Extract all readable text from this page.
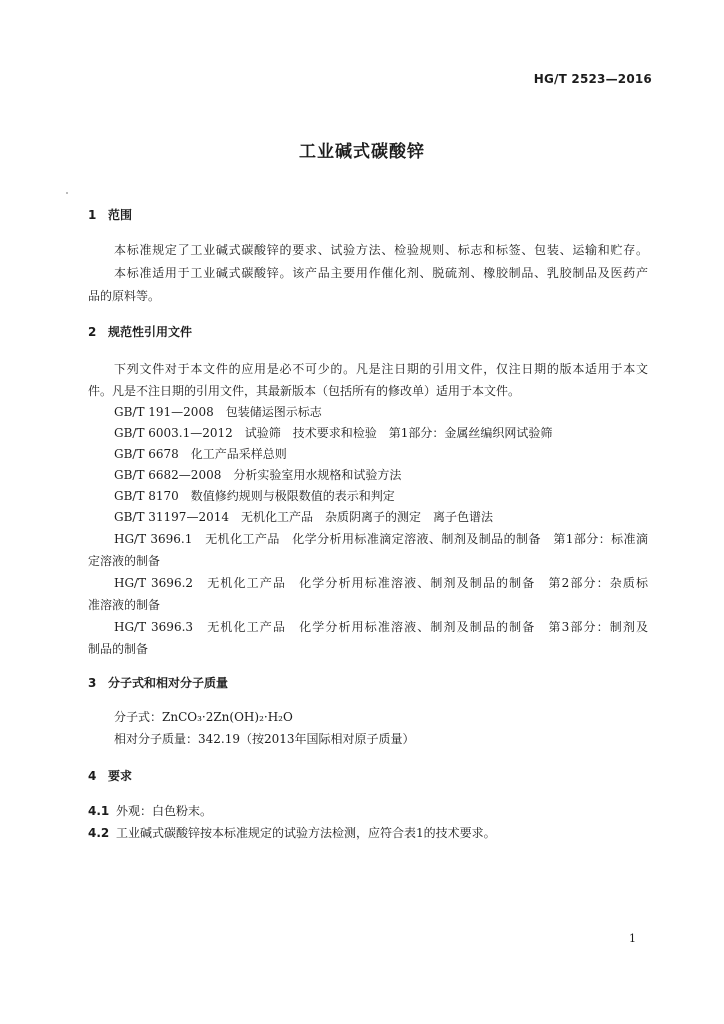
HG/T 2523—2016
工业碱式碳酸锌
1 范围
本标准规定了工业碱式碳酸锌的要求、试验方法、检验规则、标志和标签、包装、运输和贮存。
本标准适用于工业碱式碳酸锌。该产品主要用作催化剂、脱硫剂、橡胶制品、乳胶制品及医药产
品的原料等。
2 规范性引用文件
下列文件对于本文件的应用是必不可少的。凡是注日期的引用文件，仅注日期的版本适用于本文
件。凡是不注日期的引用文件，其最新版本（包括所有的修改单）适用于本文件。
GB/T 191—2008　包装储运图示标志
GB/T 6003.1—2012　试验筛　技术要求和检验　第1部分：金属丝编织网试验筛
GB/T 6678　化工产品采样总则
GB/T 6682—2008　分析实验室用水规格和试验方法
GB/T 8170　数值修约规则与极限数值的表示和判定
GB/T 31197—2014　无机化工产品　杂质阴离子的测定　离子色谱法
HG/T 3696.1　无机化工产品　化学分析用标准滴定溶液、制剂及制品的制备　第1部分：标准滴
定溶液的制备
HG/T 3696.2　无机化工产品　化学分析用标准溶液、制剂及制品的制备　第2部分：杂质标
准溶液的制备
HG/T 3696.3　无机化工产品　化学分析用标准溶液、制剂及制品的制备　第3部分：制剂及
制品的制备
3 分子式和相对分子质量
分子式：ZnCO₃·2Zn(OH)₂·H₂O
相对分子质量：342.19（按2013年国际相对原子质量）
4 要求
4.1 外观：白色粉末。
4.2 工业碱式碳酸锌按本标准规定的试验方法检测，应符合表1的技术要求。
1
